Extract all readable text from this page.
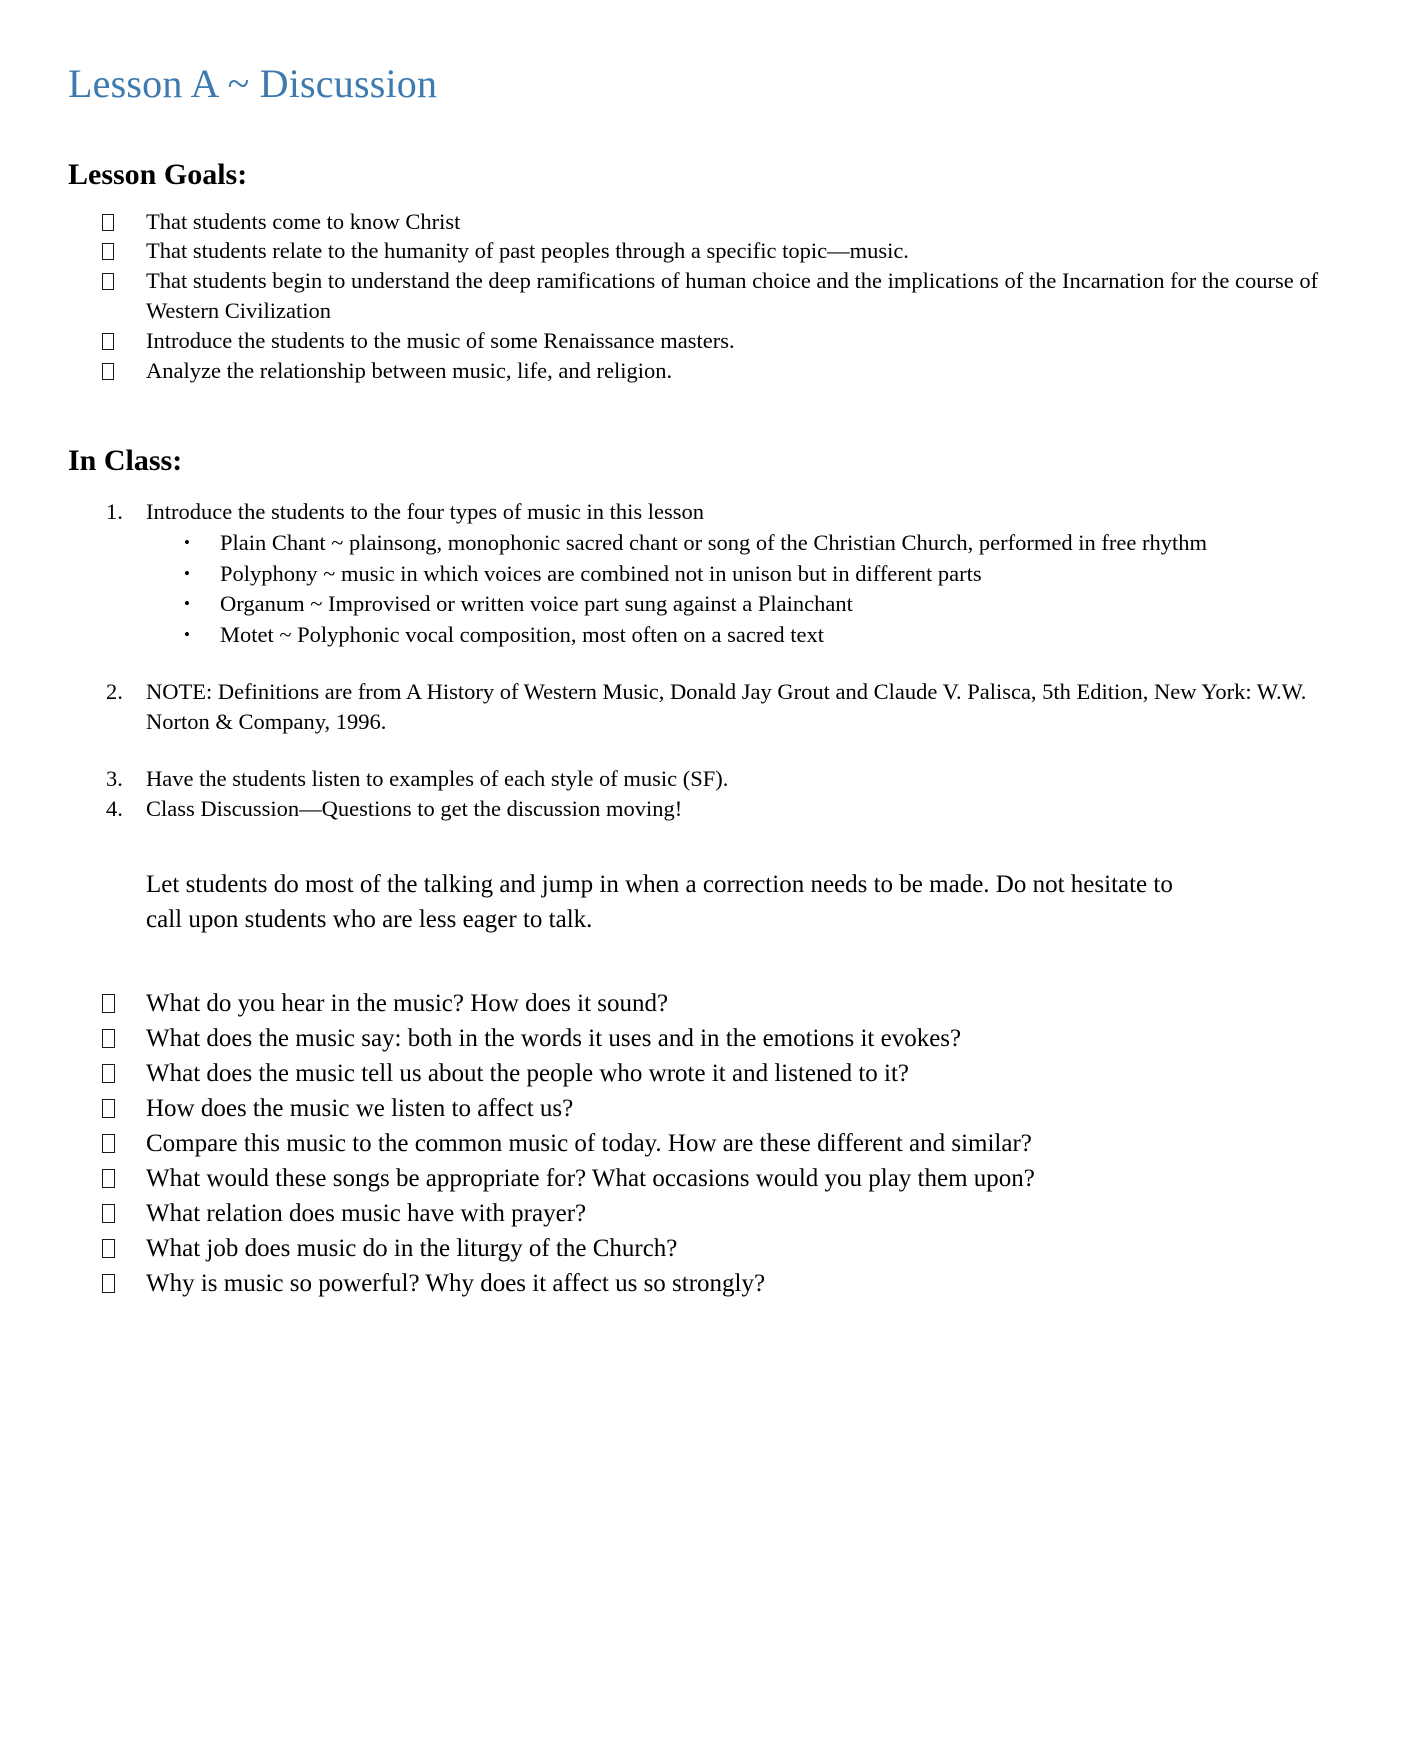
Lesson A ~ Discussion
Lesson Goals:
That students come to know Christ
That students relate to the humanity of past peoples through a specific topic—music.
That students begin to understand the deep ramifications of human choice and the implications of the Incarnation for the course of Western Civilization
Introduce the students to the music of some Renaissance masters.
Analyze the relationship between music, life, and religion.
In Class:
1.	Introduce the students to the four types of music in this lesson
•	Plain Chant ~ plainsong, monophonic sacred chant or song of the Christian Church, performed in free rhythm
•	Polyphony ~ music in which voices are combined not in unison but in different parts
•	Organum ~ Improvised or written voice part sung against a Plainchant
•	Motet ~ Polyphonic vocal composition, most often on a sacred text
2.	NOTE: Definitions are from A History of Western Music, Donald Jay Grout and Claude V. Palisca, 5th Edition, New York: W.W. Norton & Company, 1996.
3.	Have the students listen to examples of each style of music (SF).
4.	Class Discussion—Questions to get the discussion moving!

Let students do most of the talking and jump in when a correction needs to be made. Do not hesitate to call upon students who are less eager to talk.

What do you hear in the music? How does it sound?
What does the music say: both in the words it uses and in the emotions it evokes?
What does the music tell us about the people who wrote it and listened to it?
How does the music we listen to affect us?
Compare this music to the common music of today. How are these different and similar?
What would these songs be appropriate for? What occasions would you play them upon?
What relation does music have with prayer?
What job does music do in the liturgy of the Church?
Why is music so powerful? Why does it affect us so strongly?
